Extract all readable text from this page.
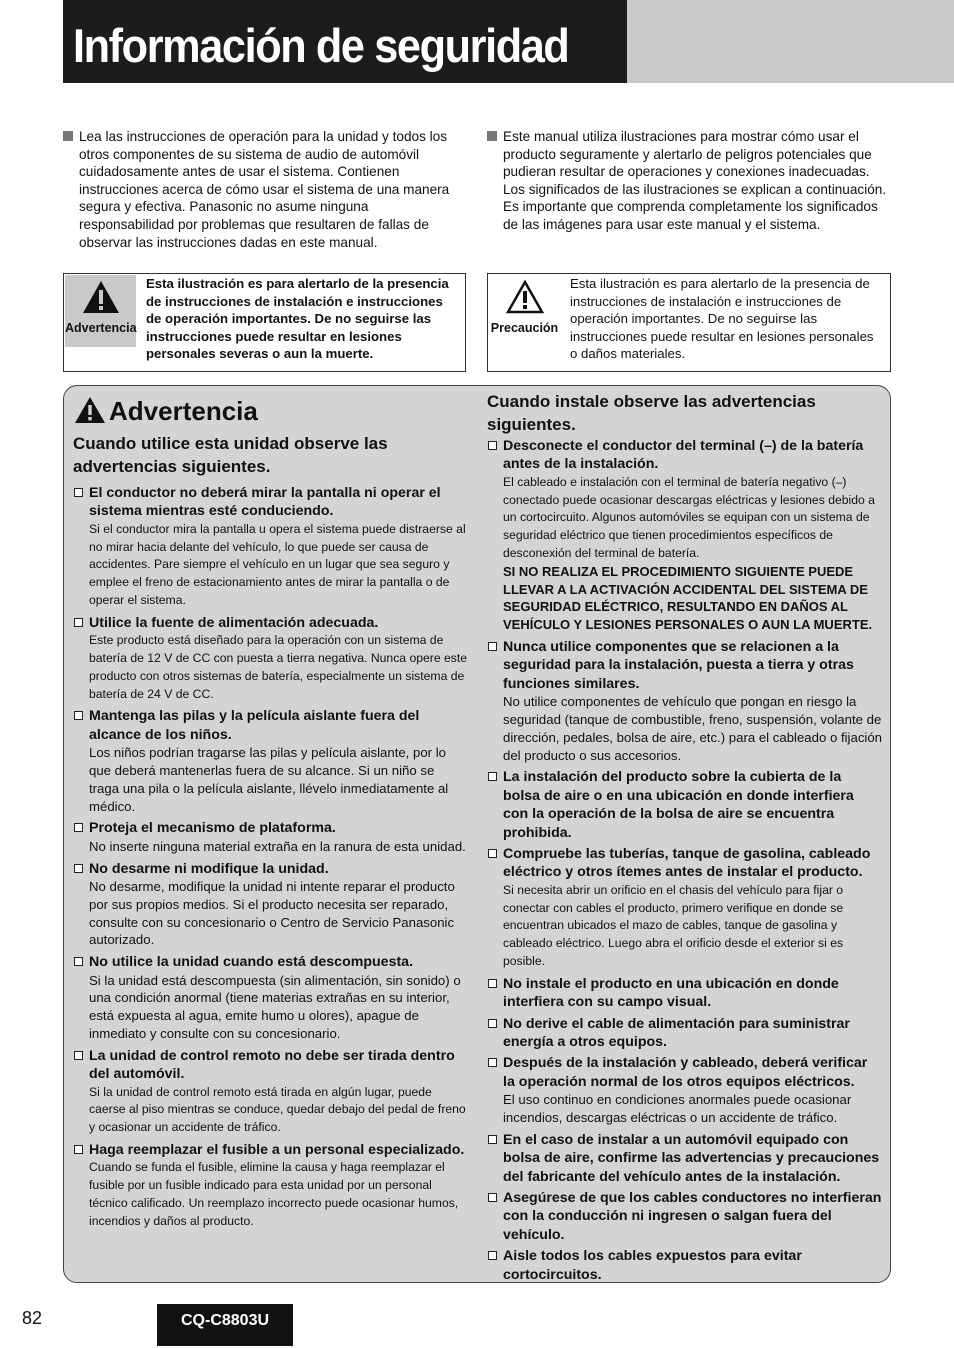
Información de seguridad

Lea las instrucciones de operación para la unidad y todos los otros componentes de su sistema de audio de automóvil cuidadosamente antes de usar el sistema. Contienen instrucciones acerca de cómo usar el sistema de una manera segura y efectiva. Panasonic no asume ninguna responsabilidad por problemas que resultaren de fallas de observar las instrucciones dadas en este manual.

Este manual utiliza ilustraciones para mostrar cómo usar el producto seguramente y alertarlo de peligros potenciales que pudieran resultar de operaciones y conexiones inadecuadas. Los significados de las ilustraciones se explican a continuación. Es importante que comprenda completamente los significados de las imágenes para usar este manual y el sistema.

Advertencia
Esta ilustración es para alertarlo de la presencia de instrucciones de instalación e instrucciones de operación importantes. De no seguirse las instrucciones puede resultar en lesiones personales severas o aun la muerte.
Precaución
Esta ilustración es para alertarlo de la presencia de instrucciones de instalación e instrucciones de operación importantes. De no seguirse las instrucciones puede resultar en lesiones personales o daños materiales.
Advertencia

Cuando utilice esta unidad observe las advertencias siguientes.

El conductor no deberá mirar la pantalla ni operar el sistema mientras esté conduciendo.

Si el conductor mira la pantalla u opera el sistema puede distraerse al no mirar hacia delante del vehículo, lo que puede ser causa de accidentes. Pare siempre el vehículo en un lugar que sea seguro y emplee el freno de estacionamiento antes de mirar la pantalla o de operar el sistema.

Utilice la fuente de alimentación adecuada.

Este producto está diseñado para la operación con un sistema de batería de 12 V de CC con puesta a tierra negativa. Nunca opere este producto con otros sistemas de batería, especialmente un sistema de batería de 24 V de CC.

Mantenga las pilas y la película aislante fuera del alcance de los niños.

Los niños podrían tragarse las pilas y película aislante, por lo que deberá mantenerlas fuera de su alcance. Si un niño se traga una pila o la película aislante, llévelo inmediatamente al médico.

Proteja el mecanismo de plataforma.

No inserte ninguna material extraña en la ranura de esta unidad.

No desarme ni modifique la unidad.

No desarme, modifique la unidad ni intente reparar el producto por sus propios medios. Si el producto necesita ser reparado, consulte con su concesionario o Centro de Servicio Panasonic autorizado.

No utilice la unidad cuando está descompuesta.

Si la unidad está descompuesta (sin alimentación, sin sonido) o una condición anormal (tiene materias extrañas en su interior, está expuesta al agua, emite humo u olores), apague de inmediato y consulte con su concesionario.

La unidad de control remoto no debe ser tirada dentro del automóvil.

Si la unidad de control remoto está tirada en algún lugar, puede caerse al piso mientras se conduce, quedar debajo del pedal de freno y ocasionar un accidente de tráfico.

Haga reemplazar el fusible a un personal especializado.

Cuando se funda el fusible, elimine la causa y haga reemplazar el fusible por un fusible indicado para esta unidad por un personal técnico calificado. Un reemplazo incorrecto puede ocasionar humos, incendios y daños al producto.

Cuando instale observe las advertencias siguientes.

Desconecte el conductor del terminal (–) de la batería antes de la instalación.

El cableado e instalación con el terminal de batería negativo (–) conectado puede ocasionar descargas eléctricas y lesiones debido a un cortocircuito. Algunos automóviles se equipan con un sistema de seguridad eléctrico que tienen procedimientos específicos de desconexión del terminal de batería.
SI NO REALIZA EL PROCEDIMIENTO SIGUIENTE PUEDE LLEVAR A LA ACTIVACIÓN ACCIDENTAL DEL SISTEMA DE SEGURIDAD ELÉCTRICO, RESULTANDO EN DAÑOS AL VEHÍCULO Y LESIONES PERSONALES O AUN LA MUERTE.

Nunca utilice componentes que se relacionen a la seguridad para la instalación, puesta a tierra y otras funciones similares.

No utilice componentes de vehículo que pongan en riesgo la seguridad (tanque de combustible, freno, suspensión, volante de dirección, pedales, bolsa de aire, etc.) para el cableado o fijación del producto o sus accesorios.

La instalación del producto sobre la cubierta de la bolsa de aire o en una ubicación en donde interfiera con la operación de la bolsa de aire se encuentra prohibida.

Compruebe las tuberías, tanque de gasolina, cableado eléctrico y otros ítemes antes de instalar el producto.

Si necesita abrir un orificio en el chasis del vehículo para fijar o conectar con cables el producto, primero verifique en donde se encuentran ubicados el mazo de cables, tanque de gasolina y cableado eléctrico. Luego abra el orificio desde el exterior si es posible.

No instale el producto en una ubicación en donde interfiera con su campo visual.

No derive el cable de alimentación para suministrar energía a otros equipos.

Después de la instalación y cableado, deberá verificar la operación normal de los otros equipos eléctricos.

El uso continuo en condiciones anormales puede ocasionar incendios, descargas eléctricas o un accidente de tráfico.

En el caso de instalar a un automóvil equipado con bolsa de aire, confirme las advertencias y precauciones del fabricante del vehículo antes de la instalación.

Asegúrese de que los cables conductores no interfieran con la conducción ni ingresen o salgan fuera del vehículo.

Aisle todos los cables expuestos para evitar cortocircuitos.

82	CQ-C8803U
